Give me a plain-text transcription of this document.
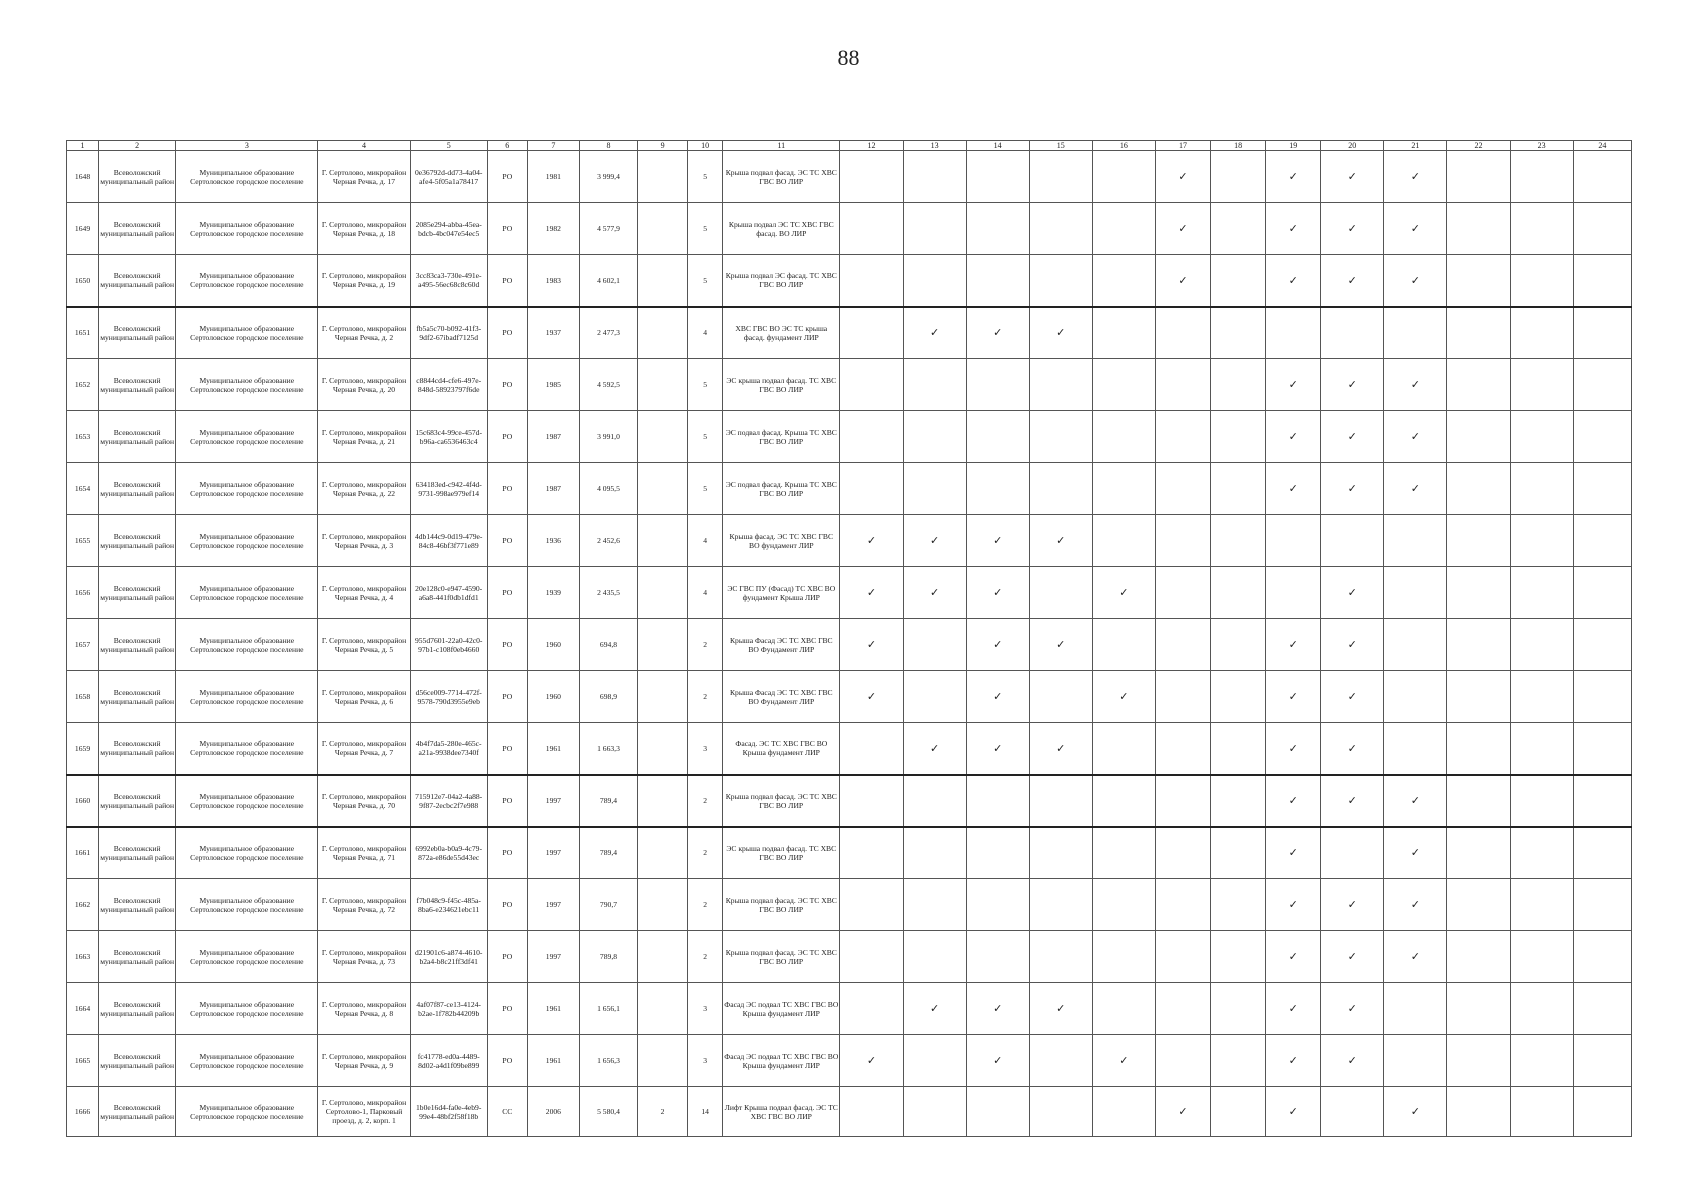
88
1	2	3	4	5	6	7	8	9	10	11	12	13	14	15	16	17	18	19	20	21	22	23	24
1648	Всеволожский муниципальный район	Муниципальное образование Сертоловское городское поселение	Г. Сертолово, микрорайон Черная Речка, д. 17	0e36792d-dd73-4a04-afe4-5f05a1a78417	РО	1981	3 999,4		5	Крыша подвал фасад. ЭС ТС ХВС ГВС ВО ЛИР						✓		✓	✓	✓			
1649	Всеволожский муниципальный район	Муниципальное образование Сертоловское городское поселение	Г. Сертолово, микрорайон Черная Речка, д. 18	2085e294-abba-45ea-bdcb-4bc047e54ec5	РО	1982	4 577,9		5	Крыша подвал ЭС ТС ХВС ГВС фасад. ВО ЛИР						✓		✓	✓	✓			
1650	Всеволожский муниципальный район	Муниципальное образование Сертоловское городское поселение	Г. Сертолово, микрорайон Черная Речка, д. 19	3cc83ca3-730e-491e-a495-56ec68c8c60d	РО	1983	4 602,1		5	Крыша подвал ЭС фасад. ТС ХВС ГВС ВО ЛИР						✓		✓	✓	✓			
1651	Всеволожский муниципальный район	Муниципальное образование Сертоловское городское поселение	Г. Сертолово, микрорайон Черная Речка, д. 2	fb5a5c70-b092-41f3-9df2-67ibadf7125d	РО	1937	2 477,3		4	ХВС ГВС ВО ЭС ТС крыша фасад. фундамент ЛИР		✓	✓	✓									
1652	Всеволожский муниципальный район	Муниципальное образование Сертоловское городское поселение	Г. Сертолово, микрорайон Черная Речка, д. 20	c8844cd4-cfe6-497e-848d-58923797f6de	РО	1985	4 592,5		5	ЭС крыша подвал фасад. ТС ХВС ГВС ВО ЛИР								✓	✓	✓			
1653	Всеволожский муниципальный район	Муниципальное образование Сертоловское городское поселение	Г. Сертолово, микрорайон Черная Речка, д. 21	15c683c4-99ce-457d-b96a-ca6536463c4	РО	1987	3 991,0		5	ЭС подвал фасад. Крыша ТС ХВС ГВС ВО ЛИР								✓	✓	✓			
1654	Всеволожский муниципальный район	Муниципальное образование Сертоловское городское поселение	Г. Сертолово, микрорайон Черная Речка, д. 22	634183ed-c942-4f4d-9731-998ae979ef14	РО	1987	4 095,5		5	ЭС подвал фасад. Крыша ТС ХВС ГВС ВО ЛИР								✓	✓	✓			
1655	Всеволожский муниципальный район	Муниципальное образование Сертоловское городское поселение	Г. Сертолово, микрорайон Черная Речка, д. 3	4db144c9-0d19-479e-84c8-46bf3f771e89	РО	1936	2 452,6		4	Крыша фасад. ЭС ТС ХВС ГВС ВО фундамент ЛИР	✓	✓	✓	✓									
1656	Всеволожский муниципальный район	Муниципальное образование Сертоловское городское поселение	Г. Сертолово, микрорайон Черная Речка, д. 4	20e128c0-e947-4590-a6a8-441f0db1dfd1	РО	1939	2 435,5		4	ЭС ГВС ПУ (Фасад) ТС ХВС ВО фундамент Крыша ЛИР	✓	✓	✓		✓				✓				
1657	Всеволожский муниципальный район	Муниципальное образование Сертоловское городское поселение	Г. Сертолово, микрорайон Черная Речка, д. 5	955d7601-22a0-42c0-97b1-c108f0eb4660	РО	1960	694,8		2	Крыша Фасад ЭС ТС ХВС ГВС ВО Фундамент ЛИР	✓		✓	✓				✓	✓				
1658	Всеволожский муниципальный район	Муниципальное образование Сертоловское городское поселение	Г. Сертолово, микрорайон Черная Речка, д. 6	d56ce009-7714-472f-9578-790d3955e9eb	РО	1960	698,9		2	Крыша Фасад ЭС ТС ХВС ГВС ВО Фундамент ЛИР	✓		✓		✓			✓	✓				
1659	Всеволожский муниципальный район	Муниципальное образование Сертоловское городское поселение	Г. Сертолово, микрорайон Черная Речка, д. 7	4b4f7da5-280e-465c-a21a-9938dee7340f	РО	1961	1 663,3		3	Фасад. ЭС ТС ХВС ГВС ВО Крыша фундамент ЛИР		✓	✓	✓				✓	✓				
1660	Всеволожский муниципальный район	Муниципальное образование Сертоловское городское поселение	Г. Сертолово, микрорайон Черная Речка, д. 70	715912e7-04a2-4a88-9f87-2ecbc2f7e988	РО	1997	789,4		2	Крыша подвал фасад. ЭС ТС ХВС ГВС ВО ЛИР								✓	✓	✓			
1661	Всеволожский муниципальный район	Муниципальное образование Сертоловское городское поселение	Г. Сертолово, микрорайон Черная Речка, д. 71	6992eb0a-b0a9-4c79-872a-e86de55d43ec	РО	1997	789,4		2	ЭС крыша подвал фасад. ТС ХВС ГВС ВО ЛИР								✓		✓			
1662	Всеволожский муниципальный район	Муниципальное образование Сертоловское городское поселение	Г. Сертолово, микрорайон Черная Речка, д. 72	f7b048c9-f45c-485a-8ba6-e234621ebc11	РО	1997	790,7		2	Крыша подвал фасад. ЭС ТС ХВС ГВС ВО ЛИР								✓	✓	✓			
1663	Всеволожский муниципальный район	Муниципальное образование Сертоловское городское поселение	Г. Сертолово, микрорайон Черная Речка, д. 73	d21901c6-a874-4610-b2a4-b8c21ff3df41	РО	1997	789,8		2	Крыша подвал фасад. ЭС ТС ХВС ГВС ВО ЛИР								✓	✓	✓			
1664	Всеволожский муниципальный район	Муниципальное образование Сертоловское городское поселение	Г. Сертолово, микрорайон Черная Речка, д. 8	4af07f87-ce13-4124-b2ae-1f782b44209b	РО	1961	1 656,1		3	Фасад ЭС подвал ТС ХВС ГВС ВО Крыша фундамент ЛИР		✓	✓	✓				✓	✓				
1665	Всеволожский муниципальный район	Муниципальное образование Сертоловское городское поселение	Г. Сертолово, микрорайон Черная Речка, д. 9	fc41778-ed0a-4489-8d02-a4d1f09be899	РО	1961	1 656,3		3	Фасад ЭС подвал ТС ХВС ГВС ВО Крыша фундамент ЛИР	✓		✓		✓			✓	✓				
1666	Всеволожский муниципальный район	Муниципальное образование Сертоловское городское поселение	Г. Сертолово, микрорайон Сертолово-1, Парковый проезд, д. 2, корп. 1	1b0e16d4-fa0e-4eb9-99e4-48bf2f58f18b	СС	2006	5 580,4	2	14	Лифт Крыша подвал фасад. ЭС ТС ХВС ГВС ВО ЛИР						✓		✓		✓			
